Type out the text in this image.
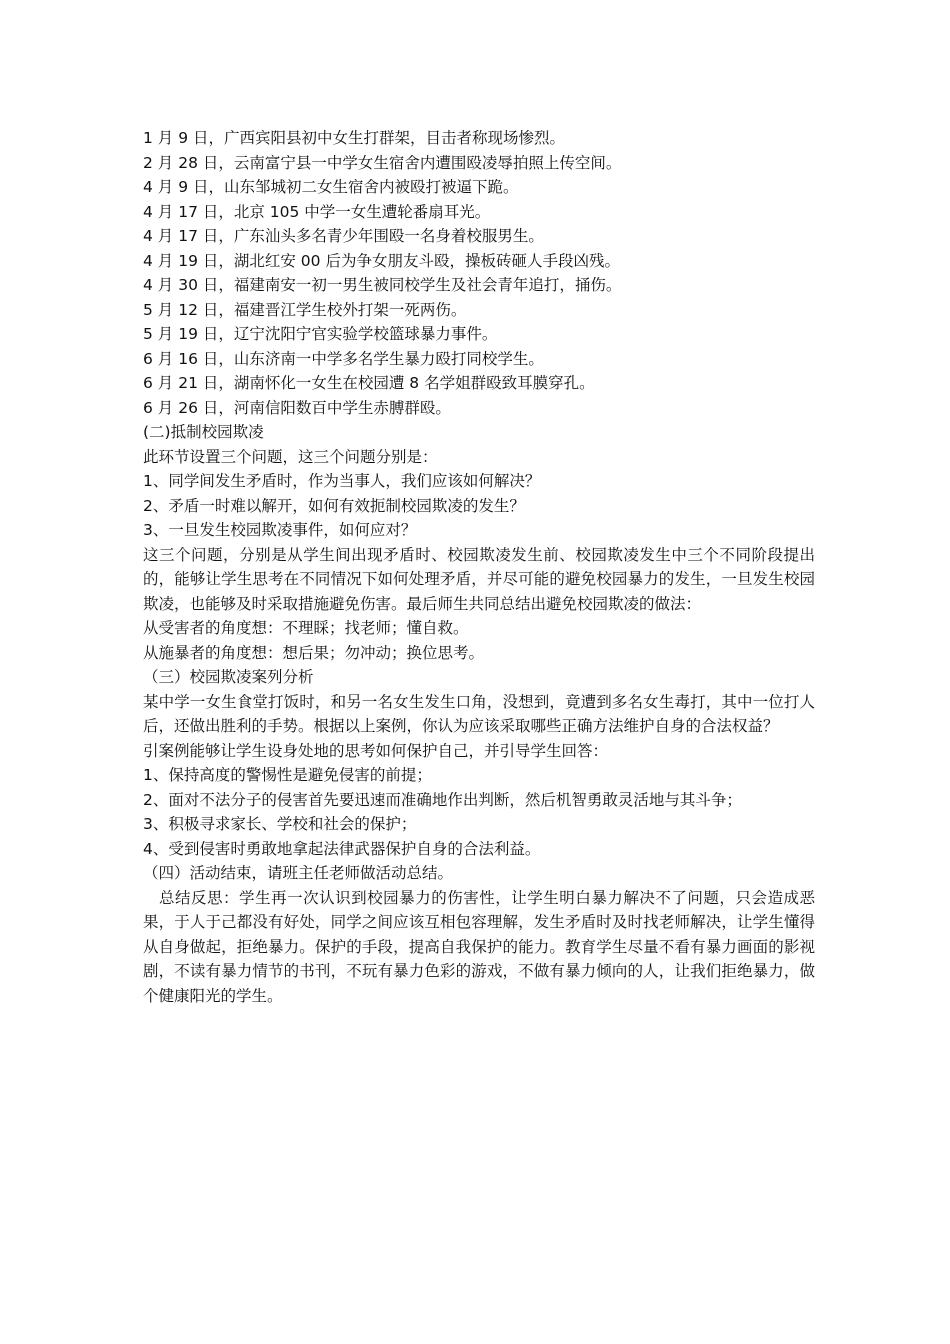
1 月 9 日，广西宾阳县初中女生打群架，目击者称现场惨烈。

2 月 28 日，云南富宁县一中学女生宿舍内遭围殴凌辱拍照上传空间。

4 月 9 日，山东邹城初二女生宿舍内被殴打被逼下跪。

4 月 17 日，北京 105 中学一女生遭轮番扇耳光。

4 月 17 日，广东汕头多名青少年围殴一名身着校服男生。

4 月 19 日，湖北红安 00 后为争女朋友斗殴，操板砖砸人手段凶残。

4 月 30 日，福建南安一初一男生被同校学生及社会青年追打，捅伤。

5 月 12 日，福建晋江学生校外打架一死两伤。

5 月 19 日，辽宁沈阳宁官实验学校篮球暴力事件。

6 月 16 日，山东济南一中学多名学生暴力殴打同校学生。

6 月 21 日，湖南怀化一女生在校园遭 8 名学姐群殴致耳膜穿孔。

6 月 26 日，河南信阳数百中学生赤膊群殴。

(二)抵制校园欺凌

此环节设置三个问题，这三个问题分别是：

1、同学间发生矛盾时，作为当事人，我们应该如何解决？

2、矛盾一时难以解开，如何有效扼制校园欺凌的发生？

3、一旦发生校园欺凌事件，如何应对？

这三个问题，分别是从学生间出现矛盾时、校园欺凌发生前、校园欺凌发生中三个不同阶段提出的，能够让学生思考在不同情况下如何处理矛盾，并尽可能的避免校园暴力的发生，一旦发生校园欺凌，也能够及时采取措施避免伤害。最后师生共同总结出避免校园欺凌的做法：

从受害者的角度想：不理睬；找老师；懂自救。

从施暴者的角度想：想后果；勿冲动；换位思考。

（三）校园欺凌案列分析

某中学一女生食堂打饭时，和另一名女生发生口角，没想到，竟遭到多名女生毒打，其中一位打人后，还做出胜利的手势。根据以上案例，你认为应该采取哪些正确方法维护自身的合法权益？

引案例能够让学生设身处地的思考如何保护自己，并引导学生回答：

1、保持高度的警惕性是避免侵害的前提；

2、面对不法分子的侵害首先要迅速而准确地作出判断，然后机智勇敢灵活地与其斗争；

3、积极寻求家长、学校和社会的保护；

4、受到侵害时勇敢地拿起法律武器保护自身的合法利益。

（四）活动结束，请班主任老师做活动总结。

总结反思：学生再一次认识到校园暴力的伤害性，让学生明白暴力解决不了问题，只会造成恶果，于人于己都没有好处，同学之间应该互相包容理解，发生矛盾时及时找老师解决，让学生懂得从自身做起，拒绝暴力。保护的手段，提高自我保护的能力。教育学生尽量不看有暴力画面的影视剧，不读有暴力情节的书刊，不玩有暴力色彩的游戏，不做有暴力倾向的人，让我们拒绝暴力，做个健康阳光的学生。
